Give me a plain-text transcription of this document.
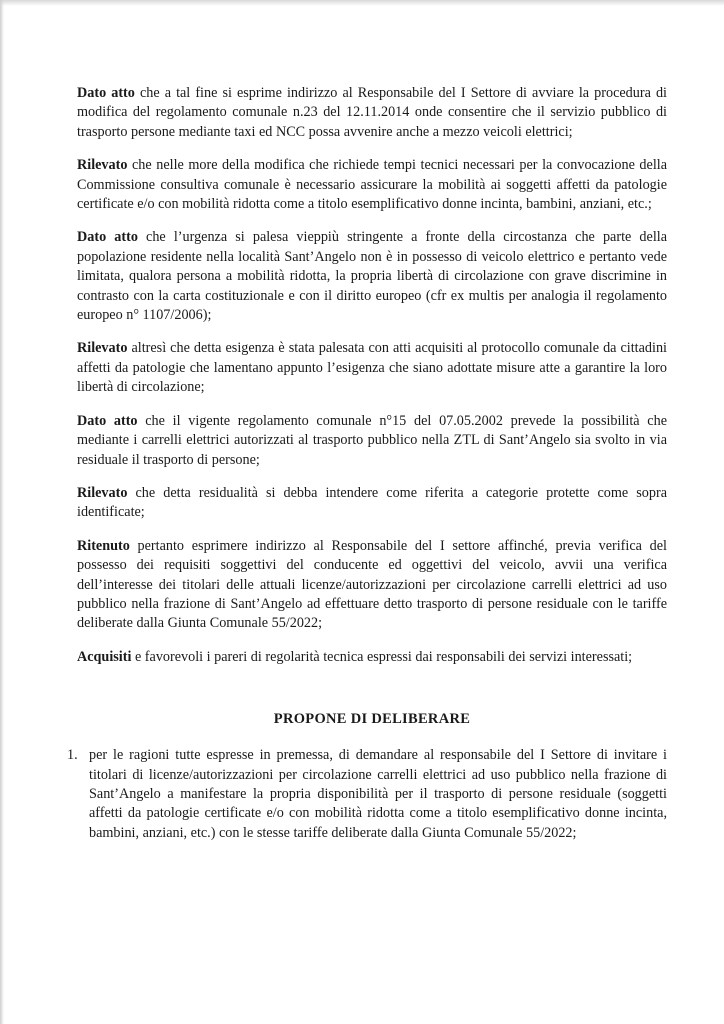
Dato atto che a tal fine si esprime indirizzo al Responsabile del I Settore di avviare la procedura di modifica del regolamento comunale n.23 del 12.11.2014 onde consentire che il servizio pubblico di trasporto persone mediante taxi ed NCC possa avvenire anche a mezzo veicoli elettrici;

Rilevato che nelle more della modifica che richiede tempi tecnici necessari per la convocazione della Commissione consultiva comunale è necessario assicurare la mobilità ai soggetti affetti da patologie certificate e/o con mobilità ridotta come a titolo esemplificativo donne incinta, bambini, anziani, etc.;

Dato atto che l’urgenza si palesa vieppiù stringente a fronte della circostanza che parte della popolazione residente nella località Sant’Angelo non è in possesso di veicolo elettrico e pertanto vede limitata, qualora persona a mobilità ridotta, la propria libertà di circolazione con grave discrimine in contrasto con la carta costituzionale e con il diritto europeo (cfr ex multis per analogia il regolamento europeo n° 1107/2006);

Rilevato altresì che detta esigenza è stata palesata con atti acquisiti al protocollo comunale da cittadini affetti da patologie che lamentano appunto l’esigenza che siano adottate misure atte a garantire la loro libertà di circolazione;

Dato atto che il vigente regolamento comunale n°15 del 07.05.2002 prevede la possibilità che mediante i carrelli elettrici autorizzati al trasporto pubblico nella ZTL di Sant’Angelo sia svolto in via residuale il trasporto di persone;

Rilevato che detta residualità si debba intendere come riferita a categorie protette come sopra identificate;

Ritenuto pertanto esprimere indirizzo al Responsabile del I settore affinché, previa verifica del possesso dei requisiti soggettivi del conducente ed oggettivi del veicolo, avvii una verifica dell’interesse dei titolari delle attuali licenze/autorizzazioni per circolazione carrelli elettrici ad uso pubblico nella frazione di Sant’Angelo ad effettuare detto trasporto di persone residuale con le tariffe deliberate dalla Giunta Comunale 55/2022;

Acquisiti e favorevoli i pareri di regolarità tecnica espressi dai responsabili dei servizi interessati;

PROPONE DI DELIBERARE
1. per le ragioni tutte espresse in premessa, di demandare al responsabile del I Settore di invitare i titolari di licenze/autorizzazioni per circolazione carrelli elettrici ad uso pubblico nella frazione di Sant’Angelo a manifestare la propria disponibilità per il trasporto di persone residuale (soggetti affetti da patologie certificate e/o con mobilità ridotta come a titolo esemplificativo donne incinta, bambini, anziani, etc.) con le stesse tariffe deliberate dalla Giunta Comunale 55/2022;
